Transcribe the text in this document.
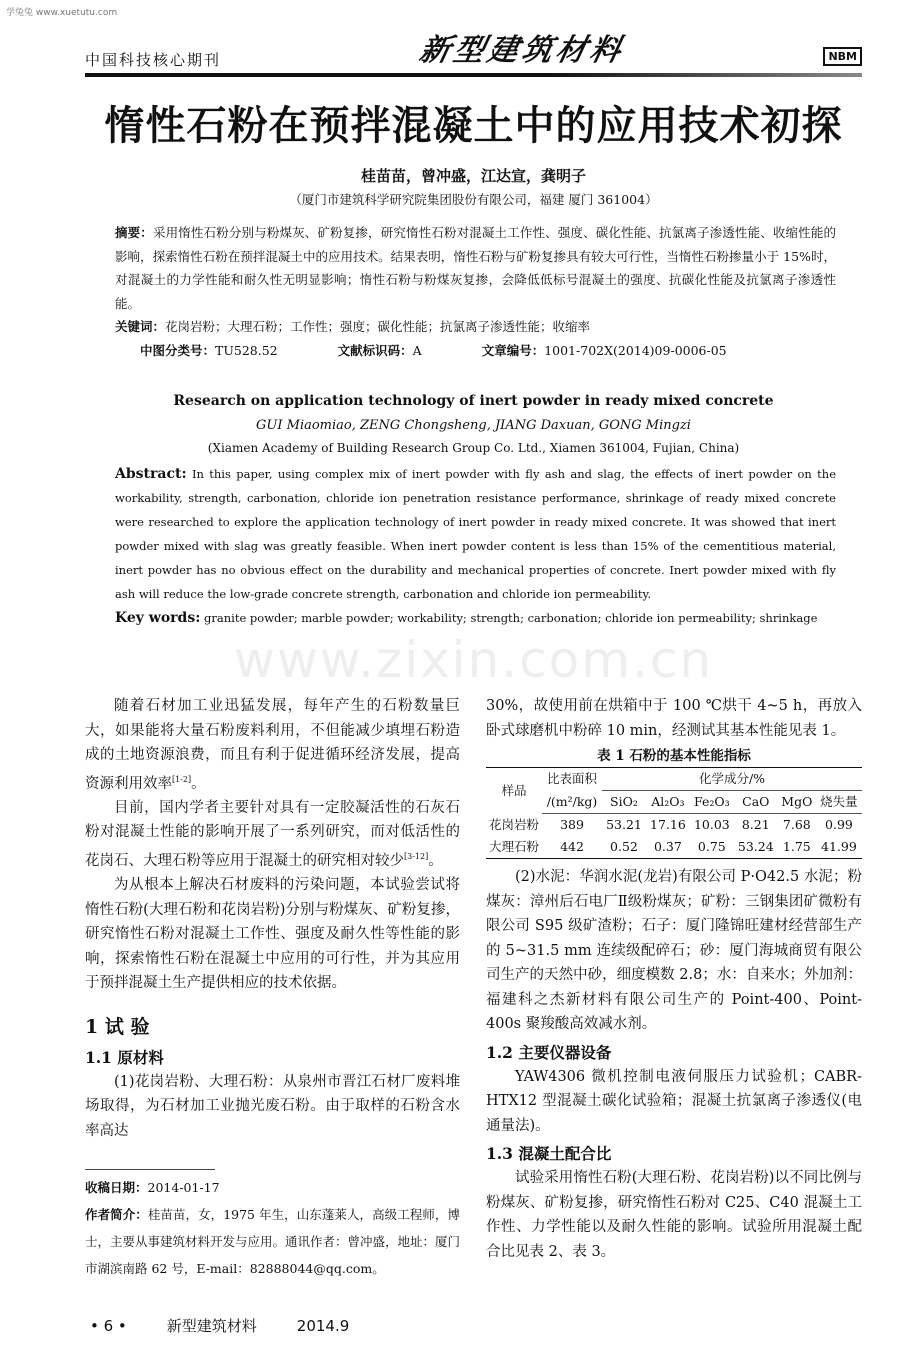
学兔兔 www.xuetutu.com
中国科技核心期刊	新型建筑材料	NBM
惰性石粉在预拌混凝土中的应用技术初探
桂苗苗，曾冲盛，江达宣，龚明子
（厦门市建筑科学研究院集团股份有限公司，福建 厦门 361004）
摘要：采用惰性石粉分别与粉煤灰、矿粉复掺，研究惰性石粉对混凝土工作性、强度、碳化性能、抗氯离子渗透性能、收缩性能的影响，探索惰性石粉在预拌混凝土中的应用技术。结果表明，惰性石粉与矿粉复掺具有较大可行性，当惰性石粉掺量小于 15%时，对混凝土的力学性能和耐久性无明显影响；惰性石粉与粉煤灰复掺，会降低低标号混凝土的强度、抗碳化性能及抗氯离子渗透性能。
关键词：花岗岩粉；大理石粉；工作性；强度；碳化性能；抗氯离子渗透性能；收缩率
中图分类号：TU528.52	文献标识码：A	文章编号：1001-702X(2014)09-0006-05
Research on application technology of inert powder in ready mixed concrete
GUI Miaomiao, ZENG Chongsheng, JIANG Daxuan, GONG Mingzi
(Xiamen Academy of Building Research Group Co. Ltd., Xiamen 361004, Fujian, China)
Abstract: In this paper, using complex mix of inert powder with fly ash and slag, the effects of inert powder on the workability, strength, carbonation, chloride ion penetration resistance performance, shrinkage of ready mixed concrete were researched to explore the application technology of inert powder in ready mixed concrete. It was showed that inert powder mixed with slag was greatly feasible. When inert powder content is less than 15% of the cementitious material, inert powder has no obvious effect on the durability and mechanical properties of concrete. Inert powder mixed with fly ash will reduce the low-grade concrete strength, carbonation and chloride ion permeability.
Key words: granite powder; marble powder; workability; strength; carbonation; chloride ion permeability; shrinkage
www.zixin.com.cn
随着石材加工业迅猛发展，每年产生的石粉数量巨大，如果能将大量石粉废料利用，不但能减少填埋石粉造成的土地资源浪费，而且有利于促进循环经济发展，提高资源利用效率[1-2]。
目前，国内学者主要针对具有一定胶凝活性的石灰石粉对混凝土性能的影响开展了一系列研究，而对低活性的花岗石、大理石粉等应用于混凝土的研究相对较少[3-12]。
为从根本上解决石材废料的污染问题，本试验尝试将惰性石粉(大理石粉和花岗岩粉)分别与粉煤灰、矿粉复掺，研究惰性石粉对混凝土工作性、强度及耐久性等性能的影响，探索惰性石粉在混凝土中应用的可行性，并为其应用于预拌混凝土生产提供相应的技术依据。
1 试 验
1.1 原材料
(1)花岗岩粉、大理石粉：从泉州市晋江石材厂废料堆场取得，为石材加工业抛光废石粉。由于取样的石粉含水率高达
收稿日期：2014-01-17
作者简介：桂苗苗，女，1975 年生，山东蓬莱人，高级工程师，博士，主要从事建筑材料开发与应用。通讯作者：曾冲盛，地址：厦门市湖滨南路 62 号，E-mail：82888044@qq.com。
• 6 •	新型建筑材料	2014.9
30%，故使用前在烘箱中于 100 ℃烘干 4~5 h，再放入卧式球磨机中粉碎 10 min，经测试其基本性能见表 1。
表 1 石粉的基本性能指标
样品	比表面积	化学成分/%					
	/(m²/kg)	SiO₂	Al₂O₃	Fe₂O₃	CaO	MgO	烧失量
花岗岩粉	389	53.21	17.16	10.03	8.21	7.68	0.99
大理石粉	442	0.52	0.37	0.75	53.24	1.75	41.99
(2)水泥：华润水泥(龙岩)有限公司 P·O42.5 水泥；粉煤灰：漳州后石电厂Ⅱ级粉煤灰；矿粉：三钢集团矿微粉有限公司 S95 级矿渣粉；石子：厦门隆锦旺建材经营部生产的 5~31.5 mm 连续级配碎石；砂：厦门海城商贸有限公司生产的天然中砂，细度模数 2.8；水：自来水；外加剂：福建科之杰新材料有限公司生产的 Point-400、Point-400s 聚羧酸高效减水剂。
1.2 主要仪器设备
YAW4306 微机控制电液伺服压力试验机；CABR-HTX12 型混凝土碳化试验箱；混凝土抗氯离子渗透仪(电通量法)。
1.3 混凝土配合比
试验采用惰性石粉(大理石粉、花岗岩粉)以不同比例与粉煤灰、矿粉复掺，研究惰性石粉对 C25、C40 混凝土工作性、力学性能以及耐久性能的影响。试验所用混凝土配合比见表 2、表 3。
